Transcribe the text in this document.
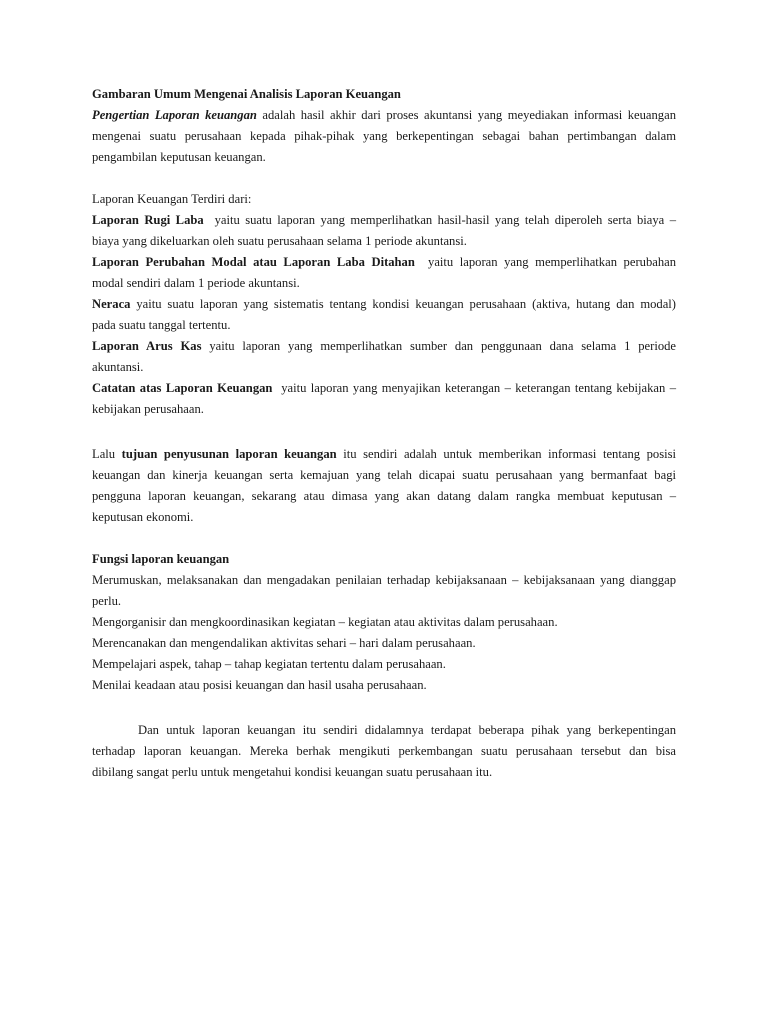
Gambaran Umum Mengenai Analisis Laporan Keuangan
Pengertian Laporan keuangan adalah hasil akhir dari proses akuntansi yang meyediakan informasi keuangan
mengenai suatu perusahaan kepada pihak-pihak yang berkepentingan sebagai bahan pertimbangan dalam
pengambilan keputusan keuangan.
Laporan Keuangan Terdiri dari:
Laporan Rugi Laba yaitu suatu laporan yang memperlihatkan hasil-hasil yang telah diperoleh serta biaya –
biaya yang dikeluarkan oleh suatu perusahaan selama 1 periode akuntansi.
Laporan Perubahan Modal atau Laporan Laba Ditahan yaitu laporan yang memperlihatkan perubahan
modal sendiri dalam 1 periode akuntansi.
Neraca yaitu suatu laporan yang sistematis tentang kondisi keuangan perusahaan (aktiva, hutang dan modal)
pada suatu tanggal tertentu.
Laporan Arus Kas yaitu laporan yang memperlihatkan sumber dan penggunaan dana selama 1 periode
akuntansi.
Catatan atas Laporan Keuangan yaitu laporan yang menyajikan keterangan – keterangan tentang kebijakan –
kebijakan perusahaan.
Lalu tujuan penyusunan laporan keuangan itu sendiri adalah untuk memberikan informasi tentang posisi
keuangan dan kinerja keuangan serta kemajuan yang telah dicapai suatu perusahaan yang bermanfaat bagi
pengguna laporan keuangan, sekarang atau dimasa yang akan datang dalam rangka membuat keputusan –
keputusan ekonomi.
Fungsi laporan keuangan
Merumuskan, melaksanakan dan mengadakan penilaian terhadap kebijaksanaan – kebijaksanaan yang dianggap
perlu.
Mengorganisir dan mengkoordinasikan kegiatan – kegiatan atau aktivitas dalam perusahaan.
Merencanakan dan mengendalikan aktivitas sehari – hari dalam perusahaan.
Mempelajari aspek, tahap – tahap kegiatan tertentu dalam perusahaan.
Menilai keadaan atau posisi keuangan dan hasil usaha perusahaan.
Dan untuk laporan keuangan itu sendiri didalamnya terdapat beberapa pihak yang berkepentingan
terhadap laporan keuangan. Mereka berhak mengikuti perkembangan suatu perusahaan tersebut dan bisa
dibilang sangat perlu untuk mengetahui kondisi keuangan suatu perusahaan itu.
